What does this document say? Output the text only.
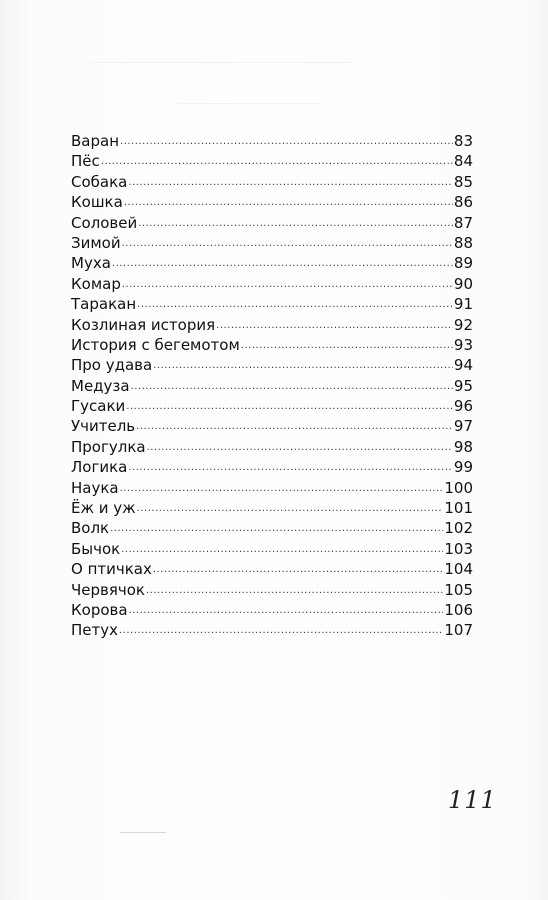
Варан .....	83
Пёс .....	84
Собака .....	85
Кошка .....	86
Соловей .....	87
Зимой .....	88
Муха .....	89
Комар .....	90
Таракан .....	91
Козлиная история .....	92
История с бегемотом .....	93
Про удава .....	94
Медуза .....	95
Гусаки .....	96
Учитель .....	97
Прогулка .....	98
Логика .....	99
Наука .....	100
Ёж и уж .....	101
Волк .....	102
Бычок .....	103
О птичках .....	104
Червячок .....	105
Корова .....	106
Петух .....	107
111
